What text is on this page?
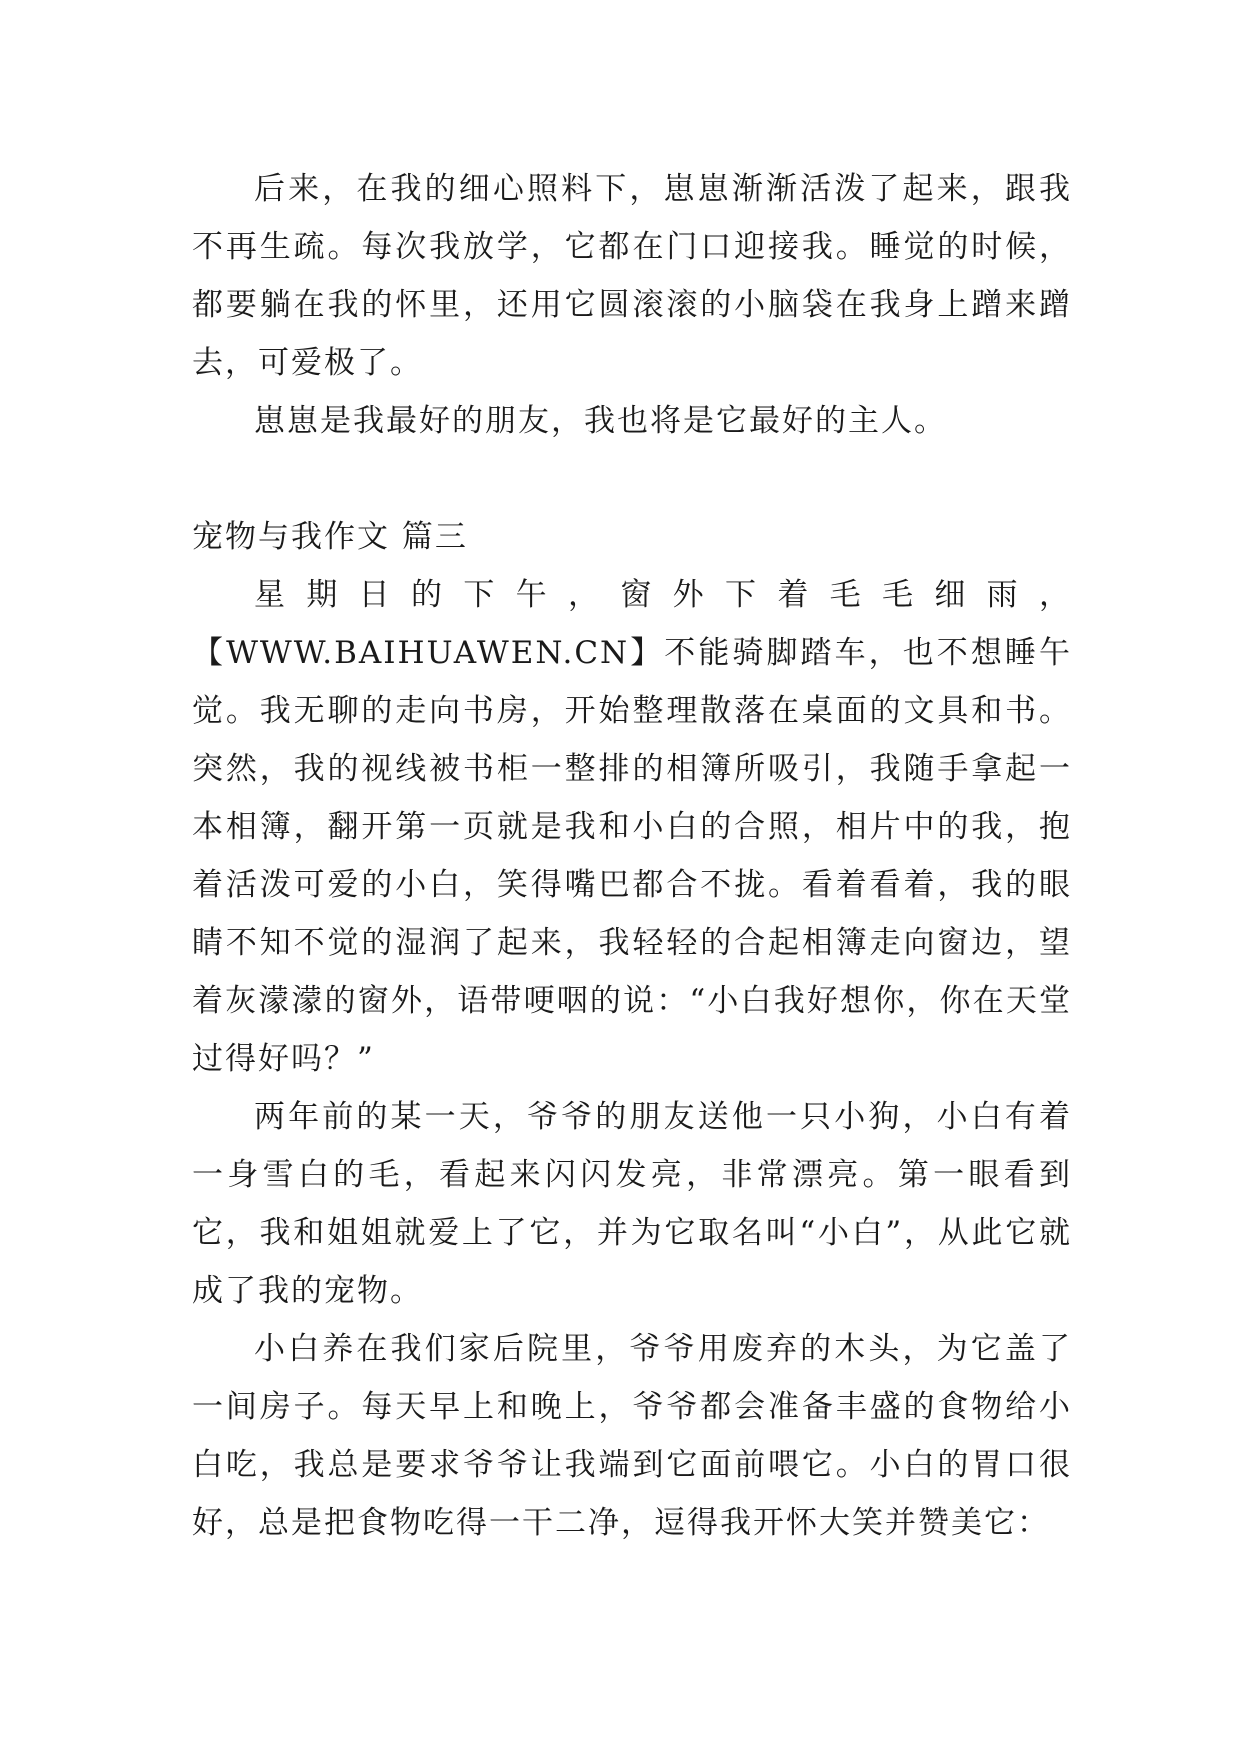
后来，在我的细心照料下，崽崽渐渐活泼了起来，跟我不再生疏。每次我放学，它都在门口迎接我。睡觉的时候，都要躺在我的怀里，还用它圆滚滚的小脑袋在我身上蹭来蹭去，可爱极了。

崽崽是我最好的朋友，我也将是它最好的主人。

宠物与我作文 篇三

星期日的下午，窗外下着毛毛细雨，

【WWW.BAIHUAWEN.CN】不能骑脚踏车，也不想睡午觉。我无聊的走向书房，开始整理散落在桌面的文具和书。突然，我的视线被书柜一整排的相簿所吸引，我随手拿起一本相簿，翻开第一页就是我和小白的合照，相片中的我，抱着活泼可爱的小白，笑得嘴巴都合不拢。看着看着，我的眼睛不知不觉的湿润了起来，我轻轻的合起相簿走向窗边，望着灰濛濛的窗外，语带哽咽的说：“小白我好想你，你在天堂过得好吗？”

两年前的某一天，爷爷的朋友送他一只小狗，小白有着一身雪白的毛，看起来闪闪发亮，非常漂亮。第一眼看到它，我和姐姐就爱上了它，并为它取名叫“小白”，从此它就成了我的宠物。

小白养在我们家后院里，爷爷用废弃的木头，为它盖了一间房子。每天早上和晚上，爷爷都会准备丰盛的食物给小白吃，我总是要求爷爷让我端到它面前喂它。小白的胃口很好，总是把食物吃得一干二净，逗得我开怀大笑并赞美它：
